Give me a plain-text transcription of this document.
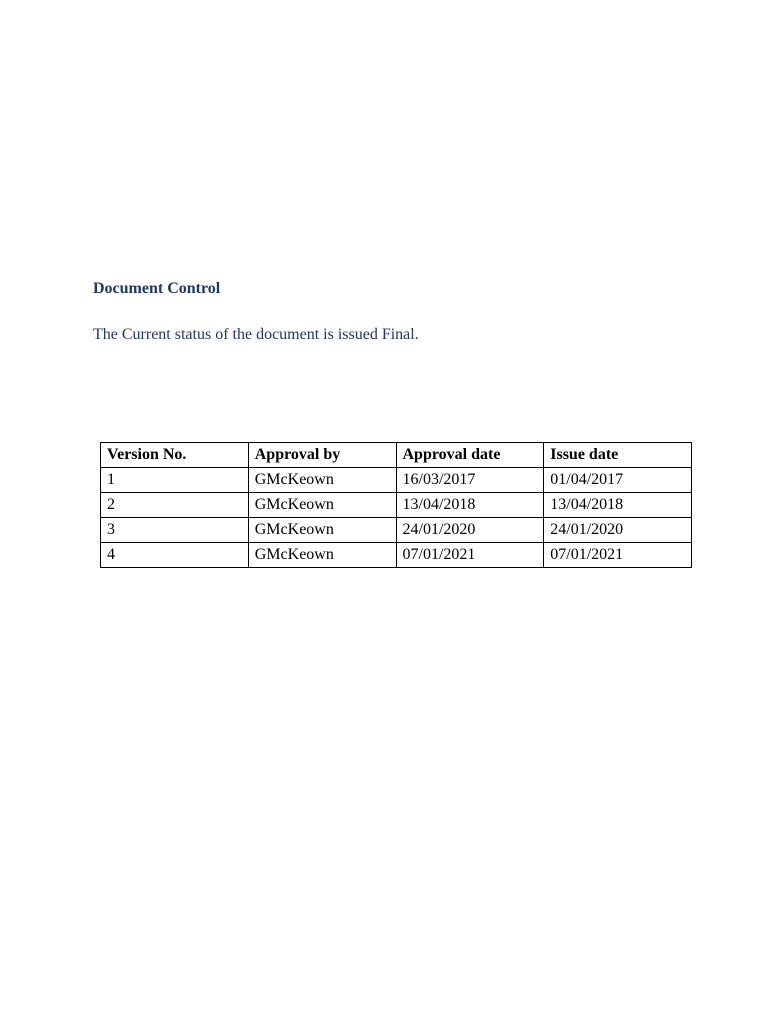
Document Control
The Current status of the document is issued Final.
Version No.	Approval by	Approval date	Issue date
1	GMcKeown	16/03/2017	01/04/2017
2	GMcKeown	13/04/2018	13/04/2018
3	GMcKeown	24/01/2020	24/01/2020
4	GMcKeown	07/01/2021	07/01/2021
